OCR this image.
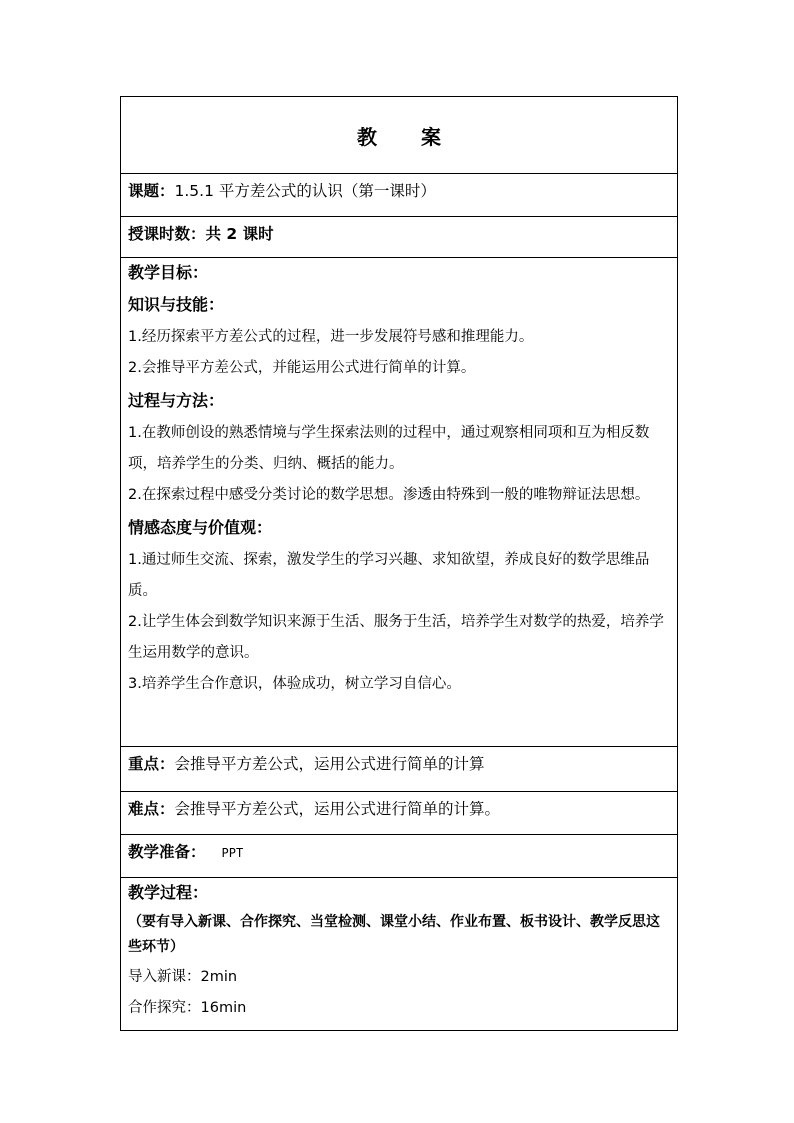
教 案
课题：1.5.1 平方差公式的认识（第一课时）
授课时数：共 2 课时

教学目标：
知识与技能：

1.经历探索平方差公式的过程，进一步发展符号感和推理能力。

2.会推导平方差公式，并能运用公式进行简单的计算。

过程与方法：

1.在教师创设的熟悉情境与学生探索法则的过程中，通过观察相同项和互为相反数项，培养学生的分类、归纳、概括的能力。

2.在探索过程中感受分类讨论的数学思想。渗透由特殊到一般的唯物辩证法思想。

情感态度与价值观：

1.通过师生交流、探索，激发学生的学习兴趣、求知欲望，养成良好的数学思维品质。

2.让学生体会到数学知识来源于生活、服务于生活，培养学生对数学的热爱，培养学生运用数学的意识。

3.培养学生合作意识，体验成功，树立学习自信心。

重点：会推导平方差公式，运用公式进行简单的计算
难点：会推导平方差公式，运用公式进行简单的计算。
教学准备： PPT

教学过程：
（要有导入新课、合作探究、当堂检测、课堂小结、作业布置、板书设计、教学反思这些环节）

导入新课：2min

合作探究：16min
